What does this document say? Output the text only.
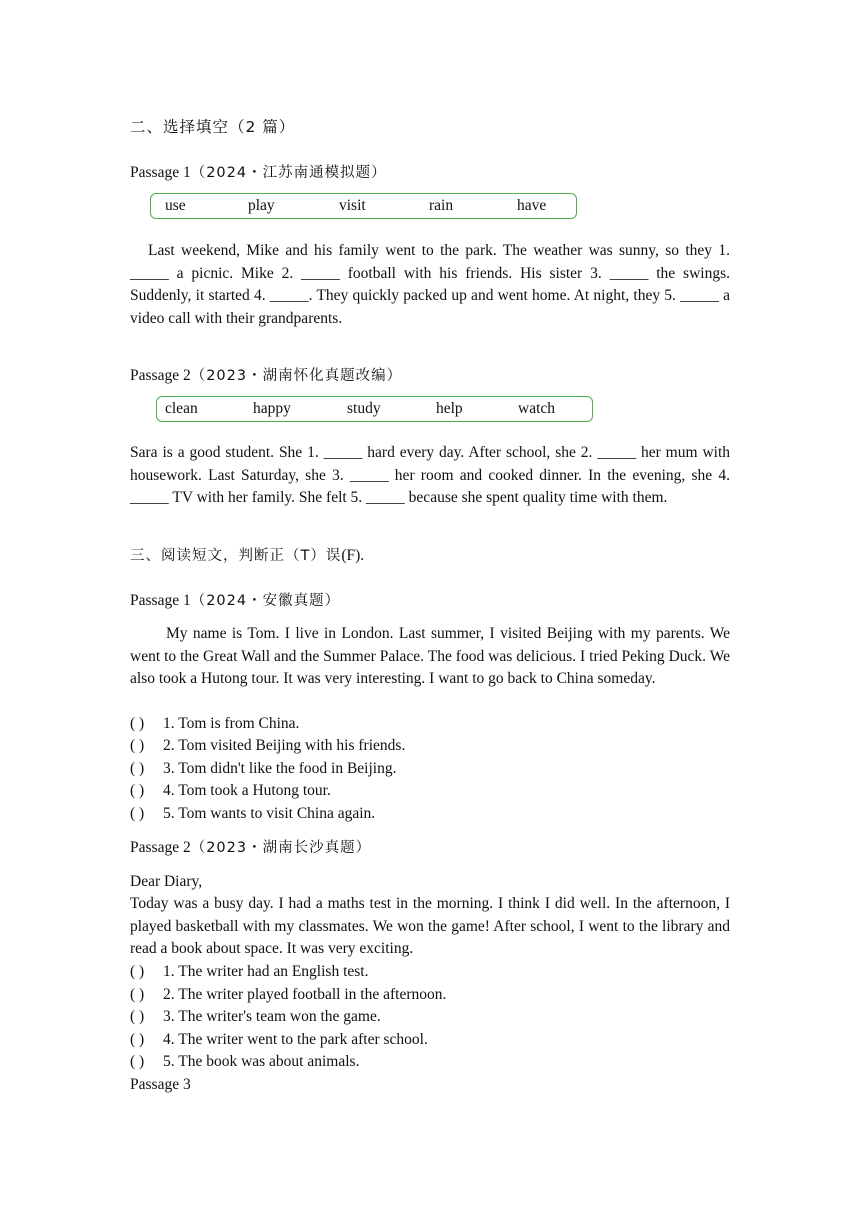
二、选择填空（2 篇）
Passage 1（2024・江苏南通模拟题）
use	play	visit	rain	have
Last weekend, Mike and his family went to the park. The weather was sunny, so they 1. _____ a picnic. Mike 2. _____ football with his friends. His sister 3. _____ the swings. Suddenly, it started 4. _____. They quickly packed up and went home. At night, they 5. _____ a video call with their grandparents.
Passage 2（2023・湖南怀化真题改编）
clean	happy	study	help	watch
Sara is a good student. She 1. _____ hard every day. After school, she 2. _____ her mum with housework. Last Saturday, she 3. _____ her room and cooked dinner. In the evening, she 4. _____ TV with her family. She felt 5. _____ because she spent quality time with them.
三、阅读短文，判断正（T）误(F).
Passage 1（2024・安徽真题）
My name is Tom. I live in London. Last summer, I visited Beijing with my parents. We went to the Great Wall and the Summer Palace. The food was delicious. I tried Peking Duck. We also took a Hutong tour. It was very interesting. I want to go back to China someday.
( ) 1. Tom is from China.
( ) 2. Tom visited Beijing with his friends.
( ) 3. Tom didn't like the food in Beijing.
( ) 4. Tom took a Hutong tour.
( ) 5. Tom wants to visit China again.
Passage 2（2023・湖南长沙真题）
Dear Diary,
Today was a busy day. I had a maths test in the morning. I think I did well. In the afternoon, I played basketball with my classmates. We won the game! After school, I went to the library and read a book about space. It was very exciting.
( ) 1. The writer had an English test.
( ) 2. The writer played football in the afternoon.
( ) 3. The writer's team won the game.
( ) 4. The writer went to the park after school.
( ) 5. The book was about animals.
Passage 3
